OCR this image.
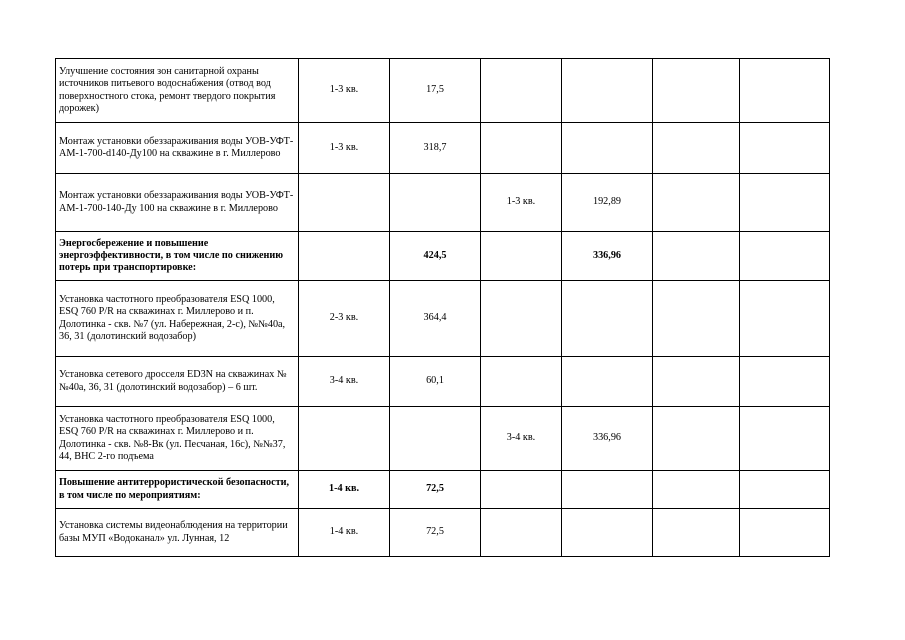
Улучшение состояния зон санитарной охраны источников питьевого водоснабжения (отвод вод поверхностного стока, ремонт твердого покрытия дорожек)	1-3 кв.	17,5				
Монтаж установки обеззараживания воды УОВ-УФТ-АМ-1-700-d140-Ду100 на скважине в г. Миллерово	1-3 кв.	318,7				
Монтаж установки обеззараживания воды УОВ-УФТ-АМ-1-700-140-Ду 100 на скважине в г. Миллерово			1-3 кв.	192,89		
Энергосбережение и повышение энергоэффективности, в том числе по снижению потерь при транспортировке:		424,5		336,96		
Установка частотного преобразователя ESQ 1000, ESQ 760 P/R на скважинах г. Миллерово и п. Долотинка - скв. №7 (ул. Набережная, 2-с), №№40а, 36, 31 (долотинский водозабор)	2-3 кв.	364,4				
Установка сетевого дросселя ED3N на скважинах №№40а, 36, 31 (долотинский водозабор) – 6 шт.	3-4 кв.	60,1				
Установка частотного преобразователя ESQ 1000, ESQ 760 P/R на скважинах г. Миллерово и п. Долотинка - скв. №8-Вк (ул. Песчаная, 16с), №№37, 44, ВНС 2-го подъема			3-4 кв.	336,96		
Повышение антитеррористической безопасности, в том числе по мероприятиям:	1-4 кв.	72,5				
Установка системы видеонаблюдения на территории базы МУП «Водоканал» ул. Лунная, 12	1-4 кв.	72,5				
